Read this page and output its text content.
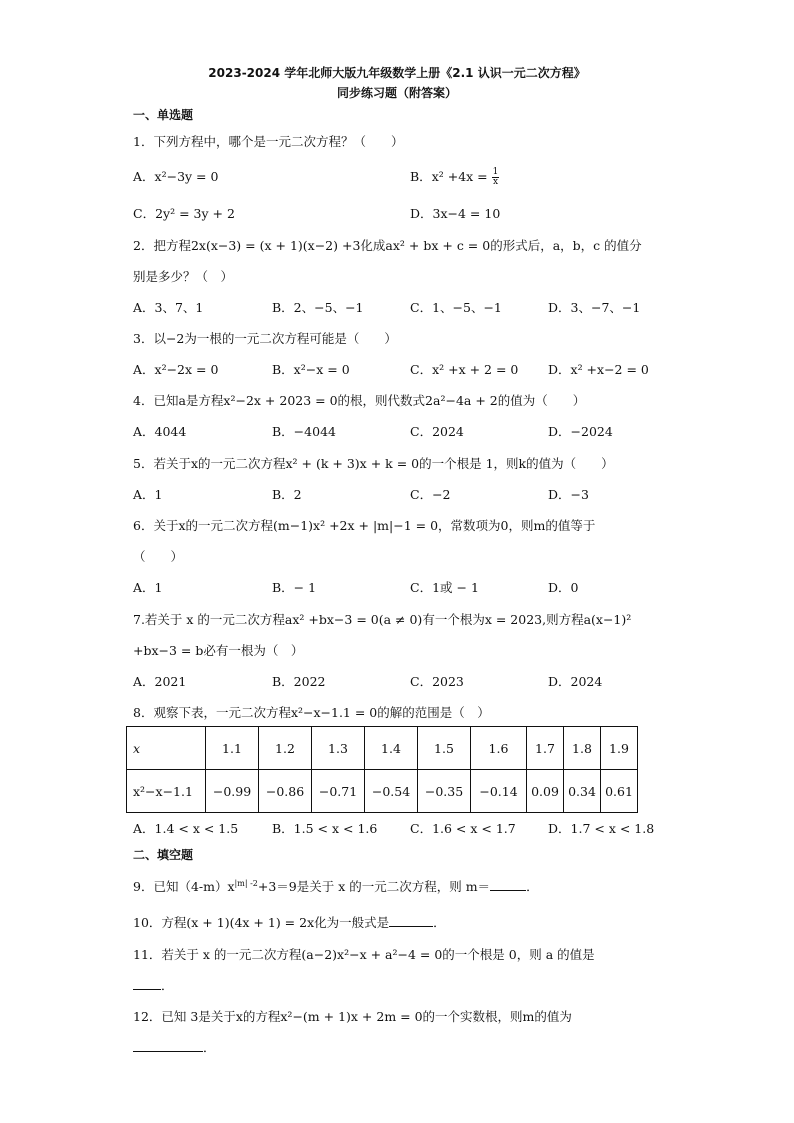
2023-2024 学年北师大版九年级数学上册《2.1 认识一元二次方程》
同步练习题（附答案）
一、单选题
1．下列方程中，哪个是一元二次方程？（　　）
A．x²−3y = 0	B．$x^2 +4x = \frac{1}{x}$
C．2y² = 3y + 2	D．3x−4 = 10
2．把方程2x(x−3) = (x + 1)(x−2) +3化成ax² + bx + c = 0的形式后，a，b，c 的值分
别是多少？（　）
A．3、7、1	B．2、−5、−1	C．1、−5、−1	D．3、−7、−1
3．以−2为一根的一元二次方程可能是（　　）
A．x²−2x = 0	B．x²−x = 0	C．x² +x + 2 = 0 D．x² +x−2 = 0
4．已知a是方程x²−2x + 2023 = 0的根，则代数式2a²−4a + 2的值为（　　）
A．4044	B．−4044	C．2024	D．−2024
5．若关于x的一元二次方程x² + (k + 3)x + k = 0的一个根是 1，则k的值为（　　）
A．1	B．2	C．−2	D．−3
6．关于x的一元二次方程(m−1)x² +2x + |m|−1 = 0，常数项为0，则m的值等于
（　　）
A．1	B．− 1	C．1或 − 1	D．0
7.若关于 x 的一元二次方程ax² +bx−3 = 0(a ≠ 0)有一个根为x = 2023,则方程a(x−1)²
+bx−3 = b必有一根为（　）
A．2021	B．2022	C．2023	D．2024
8．观察下表，一元二次方程x²−x−1.1 = 0的解的范围是（　）
x	1.1	1.2	1.3	1.4	1.5	1.6	1.7	1.8	1.9
x²−x−1.1	−0.99	−0.86	−0.71	−0.54	−0.35	−0.14	0.09	0.34	0.61
A．1.4 < x < 1.5	B．1.5 < x < 1.6	C．1.6 < x < 1.7	D．1.7 < x < 1.8
二、填空题
9．已知$(4-m)x^{|m| -2}+3=9$是关于 x 的一元二次方程，则 m＝	．
10．方程(x + 1)(4x + 1) = 2x化为一般式是	．
11．若关于 x 的一元二次方程(a−2)x²−x + a²−4 = 0的一个根是 0，则 a 的值是
．
12．已知 3是关于x的方程x²−(m + 1)x + 2m = 0的一个实数根，则m的值为
．
